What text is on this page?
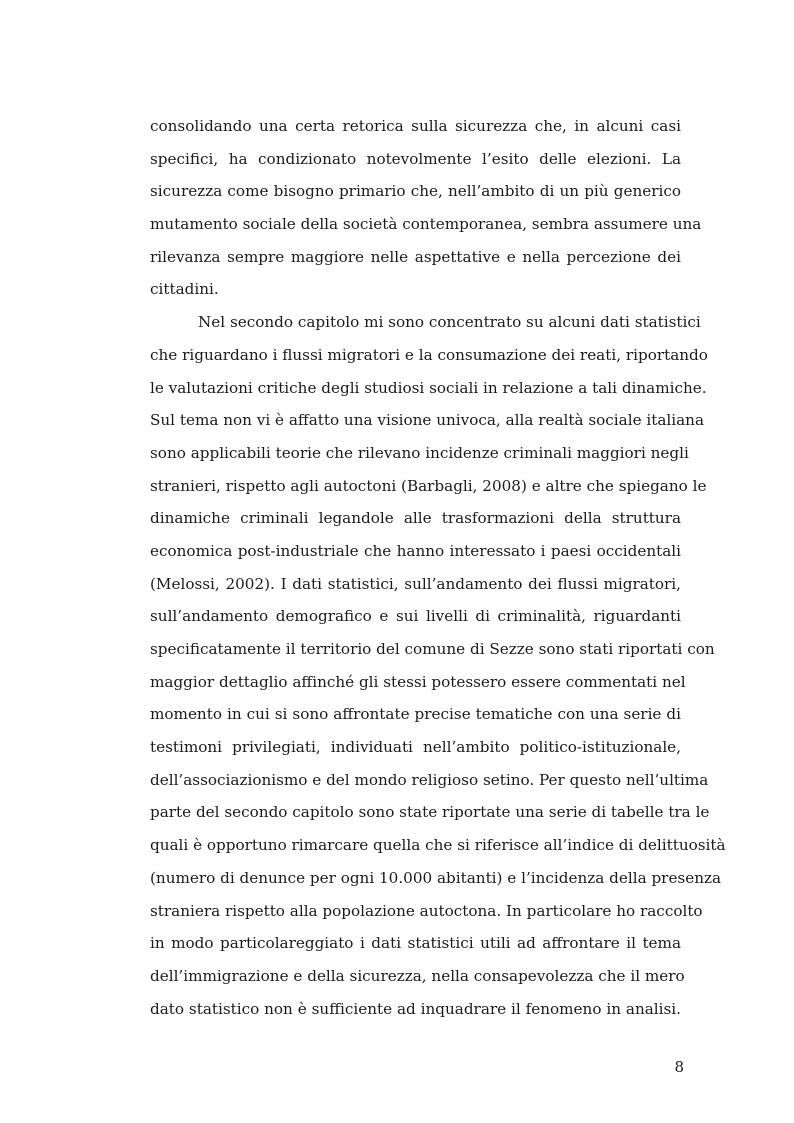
consolidando una certa retorica sulla sicurezza che, in alcuni casi
specifici, ha condizionato notevolmente l’esito delle elezioni. La
sicurezza come bisogno primario che, nell’ambito di un più generico
mutamento sociale della società contemporanea, sembra assumere una
rilevanza sempre maggiore nelle aspettative e nella percezione dei
cittadini.
Nel secondo capitolo mi sono concentrato su alcuni dati statistici
che riguardano i flussi migratori e la consumazione dei reati, riportando
le valutazioni critiche degli studiosi sociali in relazione a tali dinamiche.
Sul tema non vi è affatto una visione univoca, alla realtà sociale italiana
sono applicabili teorie che rilevano incidenze criminali maggiori negli
stranieri, rispetto agli autoctoni (Barbagli, 2008) e altre che spiegano le
dinamiche criminali legandole alle trasformazioni della struttura
economica post-industriale che hanno interessato i paesi occidentali
(Melossi, 2002). I dati statistici, sull’andamento dei flussi migratori,
sull’andamento demografico e sui livelli di criminalità, riguardanti
specificatamente il territorio del comune di Sezze sono stati riportati con
maggior dettaglio affinché gli stessi potessero essere commentati nel
momento in cui si sono affrontate precise tematiche con una serie di
testimoni privilegiati, individuati nell’ambito politico-istituzionale,
dell’associazionismo e del mondo religioso setino. Per questo nell’ultima
parte del secondo capitolo sono state riportate una serie di tabelle tra le
quali è opportuno rimarcare quella che si riferisce all’indice di delittuosità
(numero di denunce per ogni 10.000 abitanti) e l’incidenza della presenza
straniera rispetto alla popolazione autoctona. In particolare ho raccolto
in modo particolareggiato i dati statistici utili ad affrontare il tema
dell’immigrazione e della sicurezza, nella consapevolezza che il mero
dato statistico non è sufficiente ad inquadrare il fenomeno in analisi.
8
